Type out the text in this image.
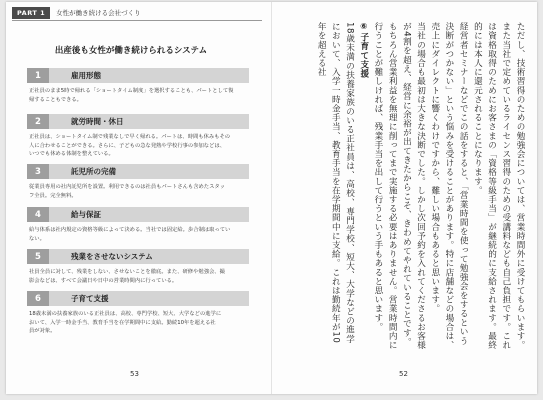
PART 1	女性が働き続ける会社づくり
出産後も女性が働き続けられるシステム
1	雇用形態
正社員のまま5時で帰れる「ショートタイム制度」を選択することも、パートとして復
帰することもできる。
2	就労時間・休日
正社員は、ショートタイム制で残業なしで早く帰れる。パートは、時間も休みもその
人に合わせることができる。さらに、子どもの急な発熱や学校行事の参加などは、
いつでも休める体制を整えている。
3	託児所の完備
従業員専用の社内託児所を設置。利用できるのは社員もパートさんも含めたスタッ
フ全員。完全無料。
4	給与保証
給与体系は社内規定の資格等級によって決める。当社では固定給。歩合制は取ってい
ない。
5	残業をさせないシステム
社員全員に対して、残業をしない、させないことを徹底。また、研修や勉強会、撮
影会などは、すべて会議日や日中の営業時間内に行っている。
6	子育て支援
18歳未満の扶養家族のいる正社員は、高校、専門学校、短大、大学などの進学に
おいて、入学一時金手当、教育手当を在学期間中に支給。勤続10年を超える社
員が対象。
53

ただし、技術習得のための勉強会については、営業時間外に受けてもらいます。また当社で定めているライセンス習得のための受講料なども自己負担です。これは資格取得のためにお客さまの「資格等級手当」が継続的に支給されます。最終的には本人に還元されることになります。

経営者セミナーなどでこの話をすると、「営業時間を使って勉強会をするという決断がつかない」という悩みを受けることがあります。特に店舗などの場合は、売上にダイレクトに響くわけですから、難しい場合もあると思います。

当社の場合も最初は大きな決断でした。しかし次回予約を入れてくださるお客様が4割を超え、経営に余裕が出てきたからこそ、きわめてやれていることです。

もちろん営業利益を無理に削ってまで実施する必要はありません。営業時間内に行うことが難しければ、残業手当を出して行うという手もあると思います。

⑥子育て支援

18歳未満の扶養家族のいる正社員は、高校、専門学校、短大、大学などの進学において、入学一時金手当、教育手当を在学期間中に支給。これは勤続年が10年を超える社

52
